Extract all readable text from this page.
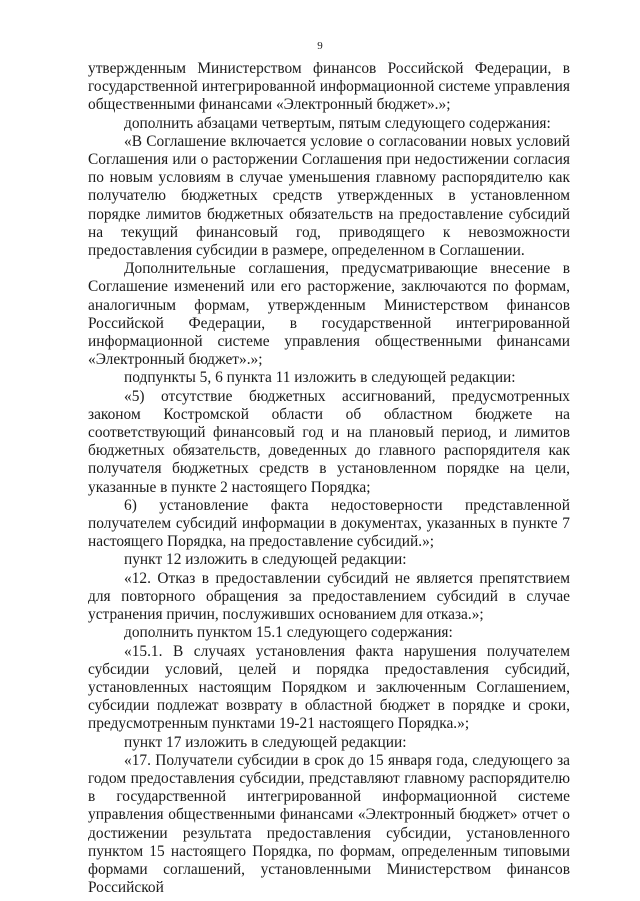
9

утвержденным Министерством финансов Российской Федерации, в государственной интегрированной информационной системе управления общественными финансами «Электронный бюджет».»;

дополнить абзацами четвертым, пятым следующего содержания:

«В Соглашение включается условие о согласовании новых условий Соглашения или о расторжении Соглашения при недостижении согласия по новым условиям в случае уменьшения главному распорядителю как получателю бюджетных средств утвержденных в установленном порядке лимитов бюджетных обязательств на предоставление субсидий на текущий финансовый год, приводящего к невозможности предоставления субсидии в размере, определенном в Соглашении.

Дополнительные соглашения, предусматривающие внесение в Соглашение изменений или его расторжение, заключаются по формам, аналогичным формам, утвержденным Министерством финансов Российской Федерации, в государственной интегрированной информационной системе управления общественными финансами «Электронный бюджет».»;

подпункты 5, 6 пункта 11 изложить в следующей редакции:

«5) отсутствие бюджетных ассигнований, предусмотренных законом Костромской области об областном бюджете на соответствующий финансовый год и на плановый период, и лимитов бюджетных обязательств, доведенных до главного распорядителя как получателя бюджетных средств в установленном порядке на цели, указанные в пункте 2 настоящего Порядка;

6) установление факта недостоверности представленной получателем субсидий информации в документах, указанных в пункте 7 настоящего Порядка, на предоставление субсидий.»;

пункт 12 изложить в следующей редакции:

«12. Отказ в предоставлении субсидий не является препятствием для повторного обращения за предоставлением субсидий в случае устранения причин, послуживших основанием для отказа.»;

дополнить пунктом 15.1 следующего содержания:

«15.1. В случаях установления факта нарушения получателем субсидии условий, целей и порядка предоставления субсидий, установленных настоящим Порядком и заключенным Соглашением, субсидии подлежат возврату в областной бюджет в порядке и сроки, предусмотренным пунктами 19-21 настоящего Порядка.»;

пункт 17 изложить в следующей редакции:

«17. Получатели субсидии в срок до 15 января года, следующего за годом предоставления субсидии, представляют главному распорядителю в государственной интегрированной информационной системе управления общественными финансами «Электронный бюджет» отчет о достижении результата предоставления субсидии, установленного пунктом 15 настоящего Порядка, по формам, определенным типовыми формами соглашений, установленными Министерством финансов Российской
